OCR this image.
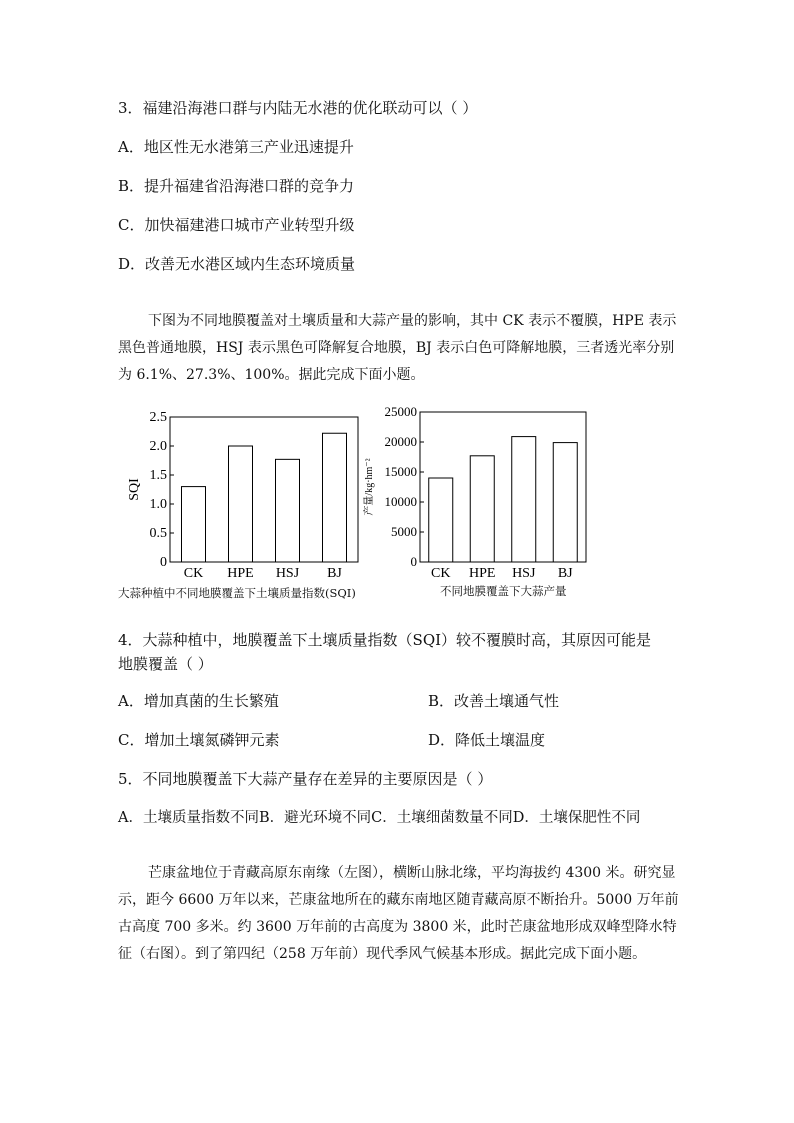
3．福建沿海港口群与内陆无水港的优化联动可以（ ）
A．地区性无水港第三产业迅速提升
B．提升福建省沿海港口群的竞争力
C．加快福建港口城市产业转型升级
D．改善无水港区域内生态环境质量
下图为不同地膜覆盖对土壤质量和大蒜产量的影响，其中 CK 表示不覆膜，HPE 表示黑色普通地膜，HSJ 表示黑色可降解复合地膜，BJ 表示白色可降解地膜，三者透光率分别为 6.1%、27.3%、100%。据此完成下面小题。
0
0.5
1.0
1.5
2.0
2.5
CK HPE HSJ BJ
SQI
0
5000
10000
15000
20000
25000
CK HPE HSJ BJ
产量/kg·hm⁻²
大蒜种植中不同地膜覆盖下土壤质量指数(SQI)	不同地膜覆盖下大蒜产量
4．大蒜种植中，地膜覆盖下土壤质量指数（SQI）较不覆膜时高，其原因可能是
地膜覆盖（ ）
A．增加真菌的生长繁殖	B．改善土壤通气性
C．增加土壤氮磷钾元素	D．降低土壤温度
5．不同地膜覆盖下大蒜产量存在差异的主要原因是（ ）
A．土壤质量指数不同B．避光环境不同C．土壤细菌数量不同D．土壤保肥性不同
芒康盆地位于青藏高原东南缘（左图），横断山脉北缘，平均海拔约 4300 米。研究显示，距今 6600 万年以来，芒康盆地所在的藏东南地区随青藏高原不断抬升。5000 万年前古高度 700 多米。约 3600 万年前的古高度为 3800 米，此时芒康盆地形成双峰型降水特征（右图）。到了第四纪（258 万年前）现代季风气候基本形成。据此完成下面小题。
